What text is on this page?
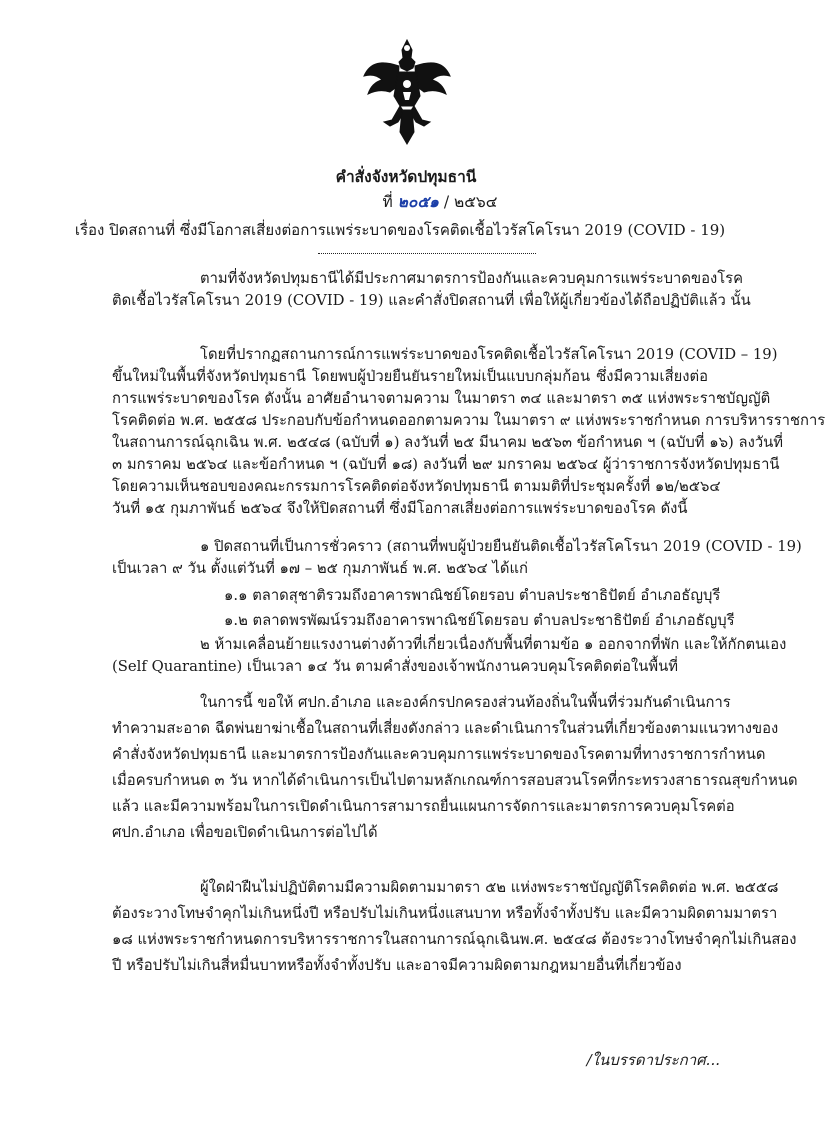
คำสั่งจังหวัดปทุมธานี
ที่ ๒๐๕๑ / ๒๕๖๔
เรื่อง ปิดสถานที่ ซึ่งมีโอกาสเสี่ยงต่อการแพร่ระบาดของโรคติดเชื้อไวรัสโคโรนา 2019 (COVID - 19)
ตามที่จังหวัดปทุมธานีได้มีประกาศมาตรการป้องกันและควบคุมการแพร่ระบาดของโรค
ติดเชื้อไวรัสโคโรนา 2019 (COVID - 19) และคำสั่งปิดสถานที่ เพื่อให้ผู้เกี่ยวข้องได้ถือปฏิบัติแล้ว นั้น
โดยที่ปรากฏสถานการณ์การแพร่ระบาดของโรคติดเชื้อไวรัสโคโรนา 2019 (COVID – 19)
ขึ้นใหม่ในพื้นที่จังหวัดปทุมธานี โดยพบผู้ป่วยยืนยันรายใหม่เป็นแบบกลุ่มก้อน ซึ่งมีความเสี่ยงต่อ
การแพร่ระบาดของโรค ดังนั้น อาศัยอำนาจตามความ ในมาตรา ๓๔ และมาตรา ๓๕ แห่งพระราชบัญญัติ
โรคติดต่อ พ.ศ. ๒๕๕๘ ประกอบกับข้อกำหนดออกตามความ ในมาตรา ๙ แห่งพระราชกำหนด การบริหารราชการ
ในสถานการณ์ฉุกเฉิน พ.ศ. ๒๕๔๘ (ฉบับที่ ๑) ลงวันที่ ๒๕ มีนาคม ๒๕๖๓ ข้อกำหนด ฯ (ฉบับที่ ๑๖) ลงวันที่
๓ มกราคม ๒๕๖๔ และข้อกำหนด ฯ (ฉบับที่ ๑๘) ลงวันที่ ๒๙ มกราคม ๒๕๖๔ ผู้ว่าราชการจังหวัดปทุมธานี
โดยความเห็นชอบของคณะกรรมการโรคติดต่อจังหวัดปทุมธานี ตามมติที่ประชุมครั้งที่ ๑๒/๒๕๖๔
วันที่ ๑๕ กุมภาพันธ์ ๒๕๖๔ จึงให้ปิดสถานที่ ซึ่งมีโอกาสเสี่ยงต่อการแพร่ระบาดของโรค ดังนี้
๑ ปิดสถานที่เป็นการชั่วคราว (สถานที่พบผู้ป่วยยืนยันติดเชื้อไวรัสโคโรนา 2019 (COVID - 19)
เป็นเวลา ๙ วัน ตั้งแต่วันที่ ๑๗ – ๒๕ กุมภาพันธ์ พ.ศ. ๒๕๖๔ ได้แก่
๑.๑ ตลาดสุชาติรวมถึงอาคารพาณิชย์โดยรอบ ตำบลประชาธิปัตย์ อำเภอธัญบุรี
๑.๒ ตลาดพรพัฒน์รวมถึงอาคารพาณิชย์โดยรอบ ตำบลประชาธิปัตย์ อำเภอธัญบุรี
๒ ห้ามเคลื่อนย้ายแรงงานต่างด้าวที่เกี่ยวเนื่องกับพื้นที่ตามข้อ ๑ ออกจากที่พัก และให้กักตนเอง
(Self Quarantine) เป็นเวลา ๑๔ วัน ตามคำสั่งของเจ้าพนักงานควบคุมโรคติดต่อในพื้นที่
ในการนี้ ขอให้ ศปก.อำเภอ และองค์กรปกครองส่วนท้องถิ่นในพื้นที่ร่วมกันดำเนินการ
ทำความสะอาด ฉีดพ่นยาฆ่าเชื้อในสถานที่เสี่ยงดังกล่าว และดำเนินการในส่วนที่เกี่ยวข้องตามแนวทางของ
คำสั่งจังหวัดปทุมธานี และมาตรการป้องกันและควบคุมการแพร่ระบาดของโรคตามที่ทางราชการกำหนด
เมื่อครบกำหนด ๓ วัน หากได้ดำเนินการเป็นไปตามหลักเกณฑ์การสอบสวนโรคที่กระทรวงสาธารณสุขกำหนด
แล้ว และมีความพร้อมในการเปิดดำเนินการสามารถยื่นแผนการจัดการและมาตรการควบคุมโรคต่อ
ศปก.อำเภอ เพื่อขอเปิดดำเนินการต่อไปได้
ผู้ใดฝ่าฝืนไม่ปฏิบัติตามมีความผิดตามมาตรา ๕๒ แห่งพระราชบัญญัติโรคติดต่อ พ.ศ. ๒๕๕๘
ต้องระวางโทษจำคุกไม่เกินหนึ่งปี หรือปรับไม่เกินหนึ่งแสนบาท หรือทั้งจำทั้งปรับ และมีความผิดตามมาตรา
๑๘ แห่งพระราชกำหนดการบริหารราชการในสถานการณ์ฉุกเฉินพ.ศ. ๒๕๔๘ ต้องระวางโทษจำคุกไม่เกินสอง
ปี หรือปรับไม่เกินสี่หมื่นบาทหรือทั้งจำทั้งปรับ และอาจมีความผิดตามกฎหมายอื่นที่เกี่ยวข้อง
/ในบรรดาประกาศ...
